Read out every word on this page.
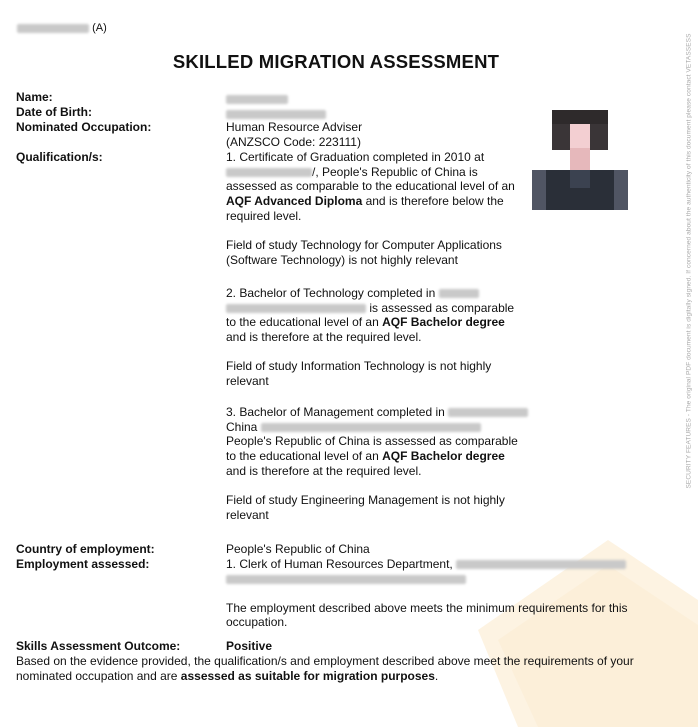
SECURITY FEATURES - The original PDF document is digitally signed. If concerned about the authenticity of this document please contact VETASSESS
(A)
SKILLED MIGRATION ASSESSMENT
Name:
Date of Birth:
Nominated Occupation:
Qualification/s:
Country of employment:
Employment assessed:
Skills Assessment Outcome:
Human Resource Adviser
(ANZSCO Code: 223111)
1. Certificate of Graduation completed in 2010 at
/, People's Republic of China is
assessed as comparable to the educational level of an
AQF Advanced Diploma and is therefore below the
required level.
Field of study Technology for Computer Applications
(Software Technology) is not highly relevant
2. Bachelor of Technology completed in
is assessed as comparable
to the educational level of an AQF Bachelor degree
and is therefore at the required level.
Field of study Information Technology is not highly
relevant
3. Bachelor of Management completed in
China
People's Republic of China is assessed as comparable
to the educational level of an AQF Bachelor degree
and is therefore at the required level.
Field of study Engineering Management is not highly
relevant
People's Republic of China
1. Clerk of Human Resources Department,
The employment described above meets the minimum requirements for this
occupation.
Positive
Based on the evidence provided, the qualification/s and employment described above meet the requirements of your
nominated occupation and are assessed as suitable for migration purposes.
